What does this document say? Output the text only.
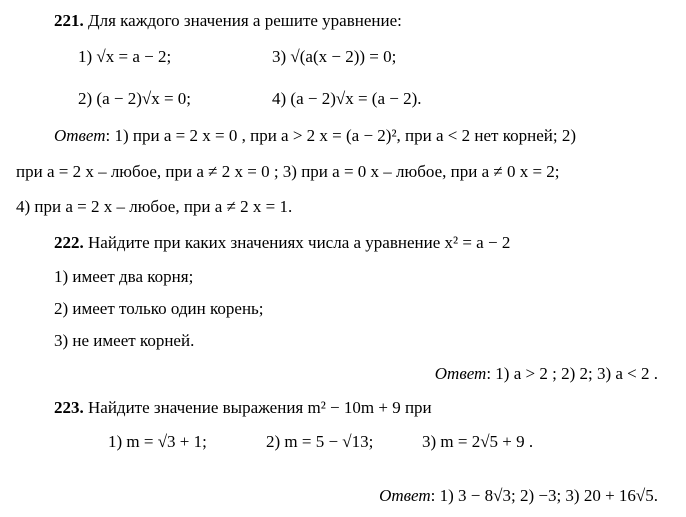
221. Для каждого значения a решите уравнение:
1) √x = a − 2;	3) √(a(x − 2)) = 0;
2) (a − 2)√x = 0;	4) (a − 2)√x = (a − 2).
Ответ: 1) при a = 2 x = 0 , при a > 2 x = (a − 2)², при a < 2 нет корней; 2)
при a = 2 x – любое, при a ≠ 2 x = 0 ; 3) при a = 0 x – любое, при a ≠ 0 x = 2;
4) при a = 2 x – любое, при a ≠ 2 x = 1.
222. Найдите при каких значениях числа a уравнение x² = a − 2
1) имеет два корня;
2) имеет только один корень;
3) не имеет корней.
Ответ: 1) a > 2 ; 2) 2; 3) a < 2 .
223. Найдите значение выражения m² − 10m + 9 при
1) m = √3 + 1;	2) m = 5 − √13;	3) m = 2√5 + 9 .
Ответ: 1) 3 − 8√3; 2) −3; 3) 20 + 16√5.
